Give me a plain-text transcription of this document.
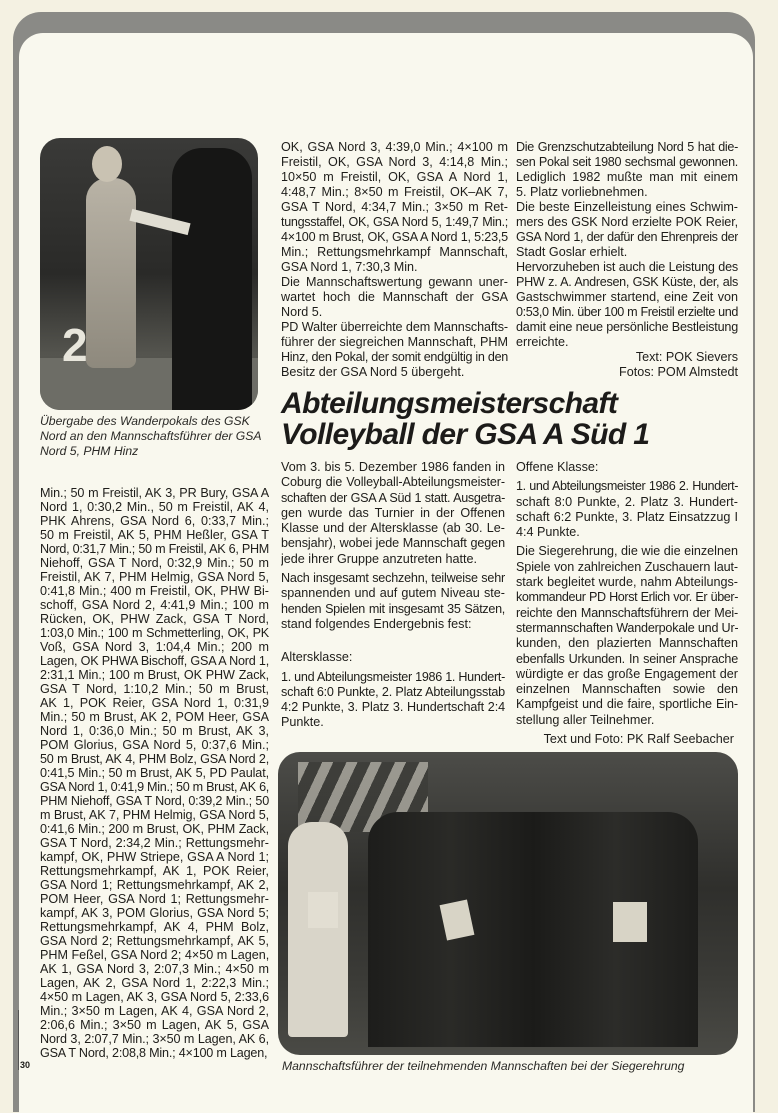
2
Übergabe des Wanderpokals des GSK
Nord an den Mannschaftsführer der GSA
Nord 5, PHM Hinz
OK, GSA Nord 3, 4:39,0 Min.; 4×100 m
Freistil, OK, GSA Nord 3, 4:14,8 Min.;
10×50 m Freistil, OK, GSA A Nord 1,
4:48,7 Min.; 8×50 m Freistil, OK–AK 7,
GSA T Nord, 4:34,7 Min.; 3×50 m Ret-
tungsstaffel, OK, GSA Nord 5, 1:49,7 Min.;
4×100 m Brust, OK, GSA A Nord 1, 5:23,5
Min.; Rettungsmehrkampf Mannschaft,
GSA Nord 1, 7:30,3 Min.
Die Mannschaftswertung gewann uner-
wartet hoch die Mannschaft der GSA
Nord 5.
PD Walter überreichte dem Mannschafts-
führer der siegreichen Mannschaft, PHM
Hinz, den Pokal, der somit endgültig in den
Besitz der GSA Nord 5 übergeht.
Die Grenzschutzabteilung Nord 5 hat die-
sen Pokal seit 1980 sechsmal gewonnen.
Lediglich 1982 mußte man mit einem
5. Platz vorliebnehmen.
Die beste Einzelleistung eines Schwim-
mers des GSK Nord erzielte POK Reier,
GSA Nord 1, der dafür den Ehrenpreis der
Stadt Goslar erhielt.
Hervorzuheben ist auch die Leistung des
PHW z. A. Andresen, GSK Küste, der, als
Gastschwimmer startend, eine Zeit von
0:53,0 Min. über 100 m Freistil erzielte und
damit eine neue persönliche Bestleistung
erreichte.
Text: POK Sievers
Fotos: POM Almstedt
Abteilungsmeisterschaft
Volleyball der GSA A Süd 1
Min.; 50 m Freistil, AK 3, PR Bury, GSA A
Nord 1, 0:30,2 Min., 50 m Freistil, AK 4,
PHK Ahrens, GSA Nord 6, 0:33,7 Min.;
50 m Freistil, AK 5, PHM Heßler, GSA T
Nord, 0:31,7 Min.; 50 m Freistil, AK 6, PHM
Niehoff, GSA T Nord, 0:32,9 Min.; 50 m
Freistil, AK 7, PHM Helmig, GSA Nord 5,
0:41,8 Min.; 400 m Freistil, OK, PHW Bi-
schoff, GSA Nord 2, 4:41,9 Min.; 100 m
Rücken, OK, PHW Zack, GSA T Nord,
1:03,0 Min.; 100 m Schmetterling, OK, PK
Voß, GSA Nord 3, 1:04,4 Min.; 200 m
Lagen, OK PHWA Bischoff, GSA A Nord 1,
2:31,1 Min.; 100 m Brust, OK PHW Zack,
GSA T Nord, 1:10,2 Min.; 50 m Brust,
AK 1, POK Reier, GSA Nord 1, 0:31,9
Min.; 50 m Brust, AK 2, POM Heer, GSA
Nord 1, 0:36,0 Min.; 50 m Brust, AK 3,
POM Glorius, GSA Nord 5, 0:37,6 Min.;
50 m Brust, AK 4, PHM Bolz, GSA Nord 2,
0:41,5 Min.; 50 m Brust, AK 5, PD Paulat,
GSA Nord 1, 0:41,9 Min.; 50 m Brust, AK 6,
PHM Niehoff, GSA T Nord, 0:39,2 Min.; 50
m Brust, AK 7, PHM Helmig, GSA Nord 5,
0:41,6 Min.; 200 m Brust, OK, PHM Zack,
GSA T Nord, 2:34,2 Min.; Rettungsmehr-
kampf, OK, PHW Striepe, GSA A Nord 1;
Rettungsmehrkampf, AK 1, POK Reier,
GSA Nord 1; Rettungsmehrkampf, AK 2,
POM Heer, GSA Nord 1; Rettungsmehr-
kampf, AK 3, POM Glorius, GSA Nord 5;
Rettungsmehrkampf, AK 4, PHM Bolz,
GSA Nord 2; Rettungsmehrkampf, AK 5,
PHM Feßel, GSA Nord 2; 4×50 m Lagen,
AK 1, GSA Nord 3, 2:07,3 Min.; 4×50 m
Lagen, AK 2, GSA Nord 1, 2:22,3 Min.;
4×50 m Lagen, AK 3, GSA Nord 5, 2:33,6
Min.; 3×50 m Lagen, AK 4, GSA Nord 2,
2:06,6 Min.; 3×50 m Lagen, AK 5, GSA
Nord 3, 2:07,7 Min.; 3×50 m Lagen, AK 6,
GSA T Nord, 2:08,8 Min.; 4×100 m Lagen,
Vom 3. bis 5. Dezember 1986 fanden in
Coburg die Volleyball-Abteilungsmeister-
schaften der GSA A Süd 1 statt. Ausgetra-
gen wurde das Turnier in der Offenen
Klasse und der Altersklasse (ab 30. Le-
bensjahr), wobei jede Mannschaft gegen
jede ihrer Gruppe anzutreten hatte.
Nach insgesamt sechzehn, teilweise sehr
spannenden und auf gutem Niveau ste-
henden Spielen mit insgesamt 35 Sätzen,
stand folgendes Endergebnis fest:
Altersklasse:
1. und Abteilungsmeister 1986 1. Hundert-
schaft 6:0 Punkte, 2. Platz Abteilungsstab
4:2 Punkte, 3. Platz 3. Hundertschaft 2:4
Punkte.
Offene Klasse:
1. und Abteilungsmeister 1986 2. Hundert-
schaft 8:0 Punkte, 2. Platz 3. Hundert-
schaft 6:2 Punkte, 3. Platz Einsatzzug I
4:4 Punkte.
Die Siegerehrung, die wie die einzelnen
Spiele von zahlreichen Zuschauern laut-
stark begleitet wurde, nahm Abteilungs-
kommandeur PD Horst Erlich vor. Er über-
reichte den Mannschaftsführern der Mei-
stermannschaften Wanderpokale und Ur-
kunden, den plazierten Mannschaften
ebenfalls Urkunden. In seiner Ansprache
würdigte er das große Engagement der
einzelnen Mannschaften sowie den
Kampfgeist und die faire, sportliche Ein-
stellung aller Teilnehmer.
Text und Foto: PK Ralf Seebacher
Mannschaftsführer der teilnehmenden Mannschaften bei der Siegerehrung
30
